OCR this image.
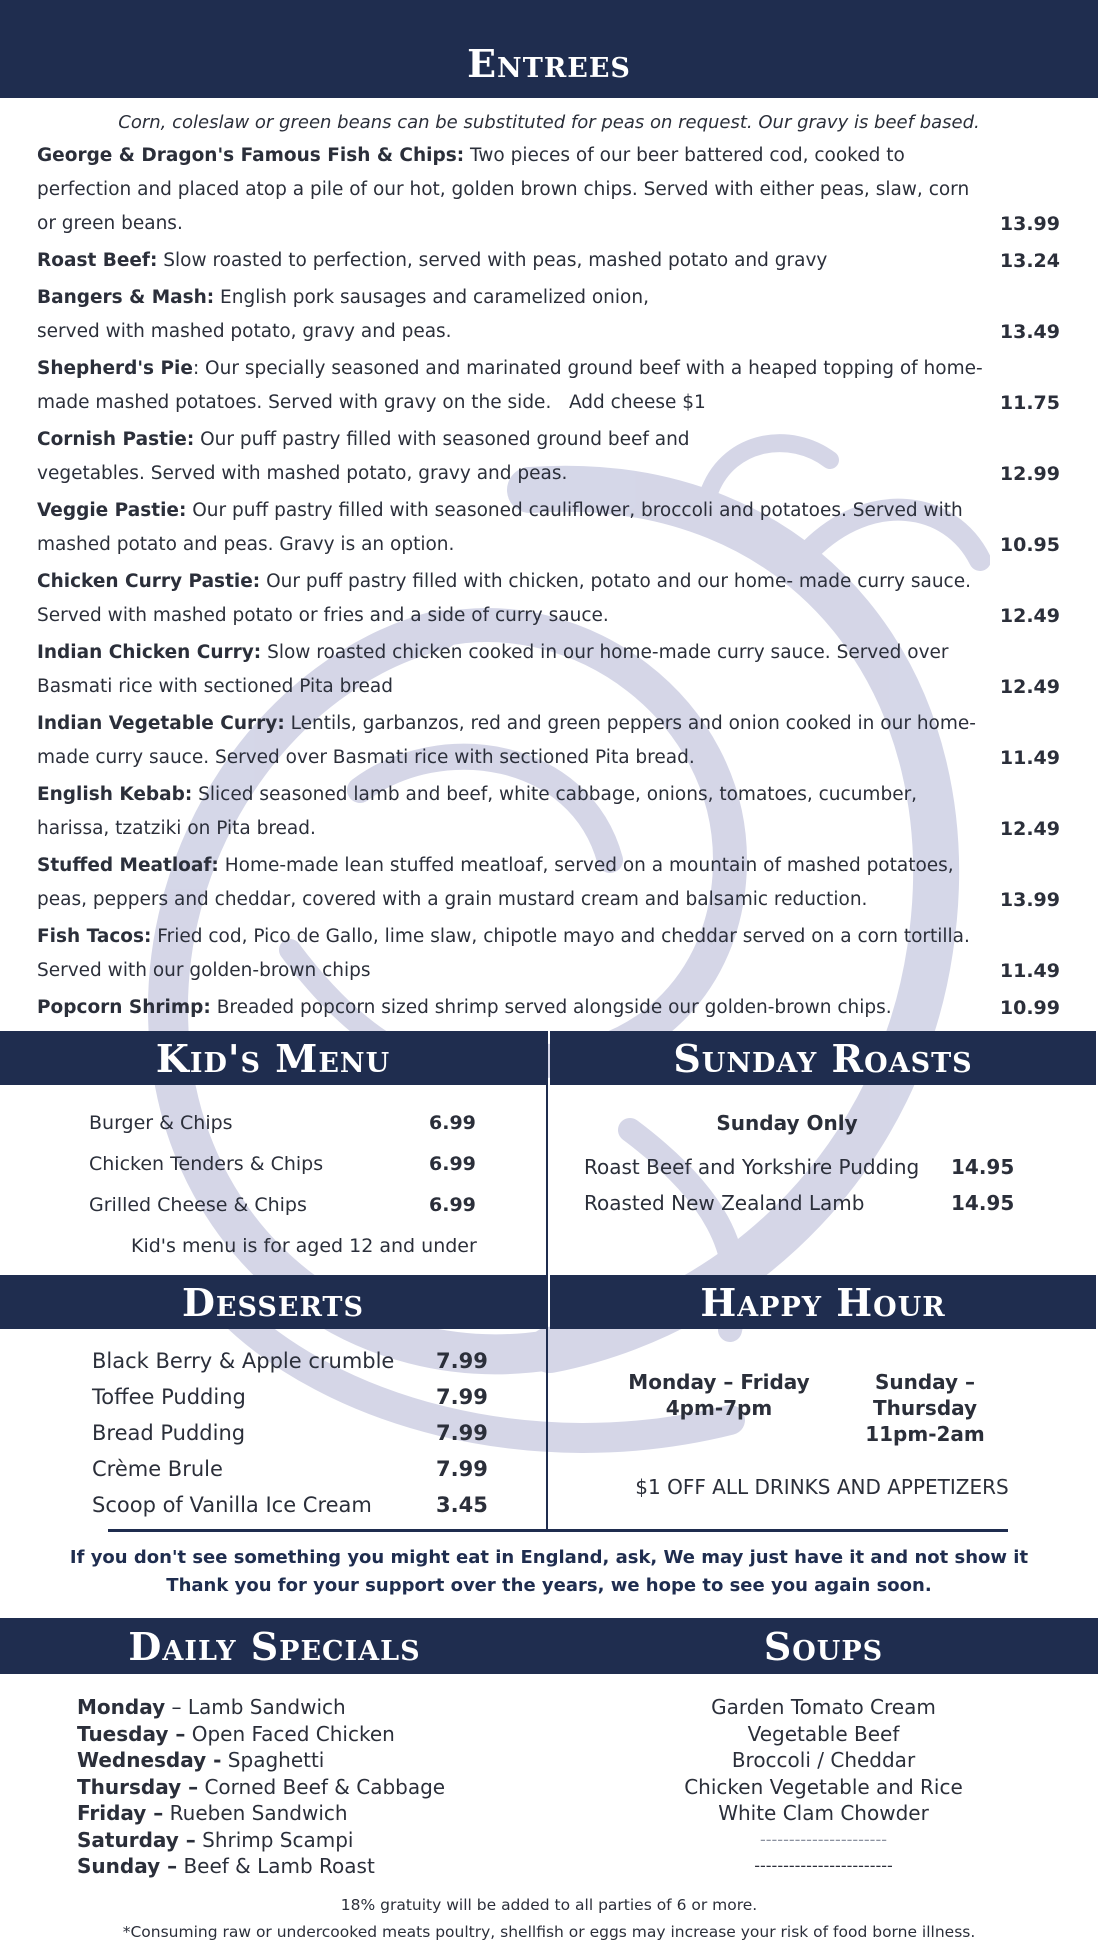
Entrees
Corn, coleslaw or green beans can be substituted for peas on request. Our gravy is beef based.
George & Dragon's Famous Fish & Chips: Two pieces of our beer battered cod, cooked to perfection and placed atop a pile of our hot, golden brown chips. Served with either peas, slaw, corn or green beans.	13.99
Roast Beef: Slow roasted to perfection, served with peas, mashed potato and gravy	13.24
Bangers & Mash: English pork sausages and caramelized onion, served with mashed potato, gravy and peas.	13.49
Shepherd's Pie: Our specially seasoned and marinated ground beef with a heaped topping of home-made mashed potatoes. Served with gravy on the side.   Add cheese $1	11.75
Cornish Pastie: Our puff pastry filled with seasoned ground beef and vegetables. Served with mashed potato, gravy and peas.	12.99
Veggie Pastie: Our puff pastry filled with seasoned cauliflower, broccoli and potatoes. Served with mashed potato and peas. Gravy is an option.	10.95
Chicken Curry Pastie: Our puff pastry filled with chicken, potato and our home- made curry sauce. Served with mashed potato or fries and a side of curry sauce.	12.49
Indian Chicken Curry: Slow roasted chicken cooked in our home-made curry sauce. Served over Basmati rice with sectioned Pita bread	12.49
Indian Vegetable Curry: Lentils, garbanzos, red and green peppers and onion cooked in our home-made curry sauce. Served over Basmati rice with sectioned Pita bread.	11.49
English Kebab: Sliced seasoned lamb and beef, white cabbage, onions, tomatoes, cucumber, harissa, tzatziki on Pita bread.	12.49
Stuffed Meatloaf: Home-made lean stuffed meatloaf, served on a mountain of mashed potatoes, peas, peppers and cheddar, covered with a grain mustard cream and balsamic reduction.	13.99
Fish Tacos: Fried cod, Pico de Gallo, lime slaw, chipotle mayo and cheddar served on a corn tortilla. Served with our golden-brown chips	11.49
Popcorn Shrimp: Breaded popcorn sized shrimp served alongside our golden-brown chips.	10.99
Kid's Menu
Burger & Chips	6.99
Chicken Tenders & Chips	6.99
Grilled Cheese & Chips	6.99
Kid's menu is for aged 12 and under
Sunday Roasts
Sunday Only
Roast Beef and Yorkshire Pudding	14.95
Roasted New Zealand Lamb	14.95
Desserts
Black Berry & Apple crumble	7.99
Toffee Pudding	7.99
Bread Pudding	7.99
Crème Brule	7.99
Scoop of Vanilla Ice Cream	3.45
Happy Hour
Monday – Friday
4pm-7pm
Sunday – Thursday
11pm-2am
$1 OFF ALL DRINKS AND APPETIZERS
If you don't see something you might eat in England, ask, We may just have it and not show it
Thank you for your support over the years, we hope to see you again soon.
Daily Specials
Monday – Lamb Sandwich
Tuesday – Open Faced Chicken
Wednesday - Spaghetti
Thursday – Corned Beef & Cabbage
Friday – Rueben Sandwich
Saturday – Shrimp Scampi
Sunday – Beef & Lamb Roast
Soups
Garden Tomato Cream
Vegetable Beef
Broccoli / Cheddar
Chicken Vegetable and Rice
White Clam Chowder
----------------------
------------------------
18% gratuity will be added to all parties of 6 or more.
*Consuming raw or undercooked meats poultry, shellfish or eggs may increase your risk of food borne illness.
